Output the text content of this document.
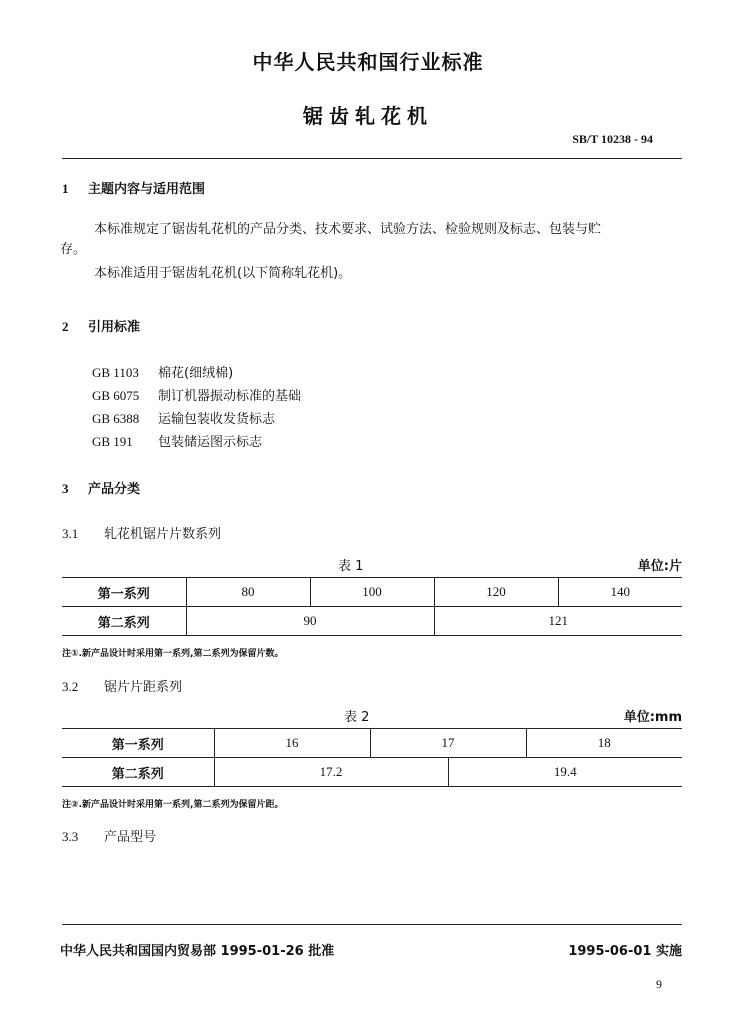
中华人民共和国行业标准
锯齿轧花机
SB/T 10238 - 94
1 主题内容与适用范围
本标准规定了锯齿轧花机的产品分类、技术要求、试验方法、检验规则及标志、包装与贮
存。
本标准适用于锯齿轧花机(以下简称轧花机)。
2 引用标准
GB 1103 棉花(细绒棉)
GB 6075 制订机器振动标准的基础
GB 6388 运输包装收发货标志
GB 191 包装储运图示标志
3 产品分类
3.1 轧花机锯片片数系列
表 1	单位:片
第一系列	80	100	120	140
第二系列	90		121	
注①.新产品设计时采用第一系列,第二系列为保留片数。
3.2 锯片片距系列
表 2	单位:mm
第一系列	16	17		18
第二系列	17.2		19.4	
注②.新产品设计时采用第一系列,第二系列为保留片距。
3.3 产品型号
中华人民共和国国内贸易部 1995-01-26 批准	1995-06-01 实施
9
